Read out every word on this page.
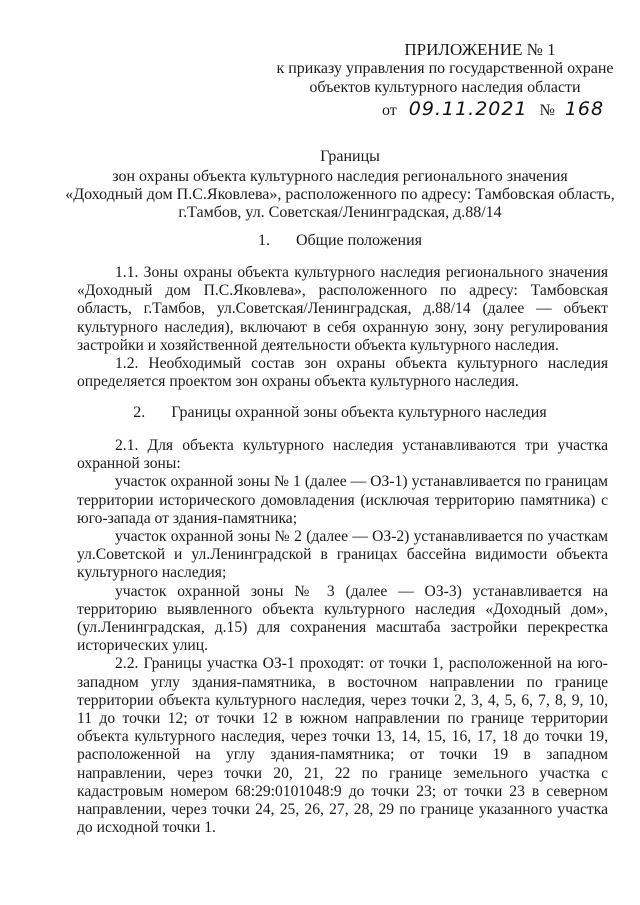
ПРИЛОЖЕНИЕ № 1
к приказу управления по государственной охране
объектов культурного наследия области
от 09.11.2021 № 168
Границы
зон охраны объекта культурного наследия регионального значения
«Доходный дом П.С.Яковлева», расположенного по адресу: Тамбовская область,
г.Тамбов, ул. Советская/Ленинградская, д.88/14
1. Общие положения

1.1. Зоны охраны объекта культурного наследия регионального значения «Доходный дом П.С.Яковлева», расположенного по адресу: Тамбовская область, г.Тамбов, ул.Советская/Ленинградская, д.88/14 (далее — объект культурного наследия), включают в себя охранную зону, зону регулирования застройки и хозяйственной деятельности объекта культурного наследия.

1.2. Необходимый состав зон охраны объекта культурного наследия определяется проектом зон охраны объекта культурного наследия.

2. Границы охранной зоны объекта культурного наследия

2.1. Для объекта культурного наследия устанавливаются три участка охранной зоны:

участок охранной зоны № 1 (далее — ОЗ-1) устанавливается по границам территории исторического домовладения (исключая территорию памятника) с юго-запада от здания-памятника;

участок охранной зоны № 2 (далее — ОЗ-2) устанавливается по участкам ул.Советской и ул.Ленинградской в границах бассейна видимости объекта культурного наследия;

участок охранной зоны № 3 (далее — ОЗ-3) устанавливается на территорию выявленного объекта культурного наследия «Доходный дом», (ул.Ленинградская, д.15) для сохранения масштаба застройки перекрестка исторических улиц.

2.2. Границы участка ОЗ-1 проходят: от точки 1, расположенной на юго-западном углу здания-памятника, в восточном направлении по границе территории объекта культурного наследия, через точки 2, 3, 4, 5, 6, 7, 8, 9, 10, 11 до точки 12; от точки 12 в южном направлении по границе территории объекта культурного наследия, через точки 13, 14, 15, 16, 17, 18 до точки 19, расположенной на углу здания-памятника; от точки 19 в западном направлении, через точки 20, 21, 22 по границе земельного участка с кадастровым номером 68:29:0101048:9 до точки 23; от точки 23 в северном направлении, через точки 24, 25, 26, 27, 28, 29 по границе указанного участка до исходной точки 1.
